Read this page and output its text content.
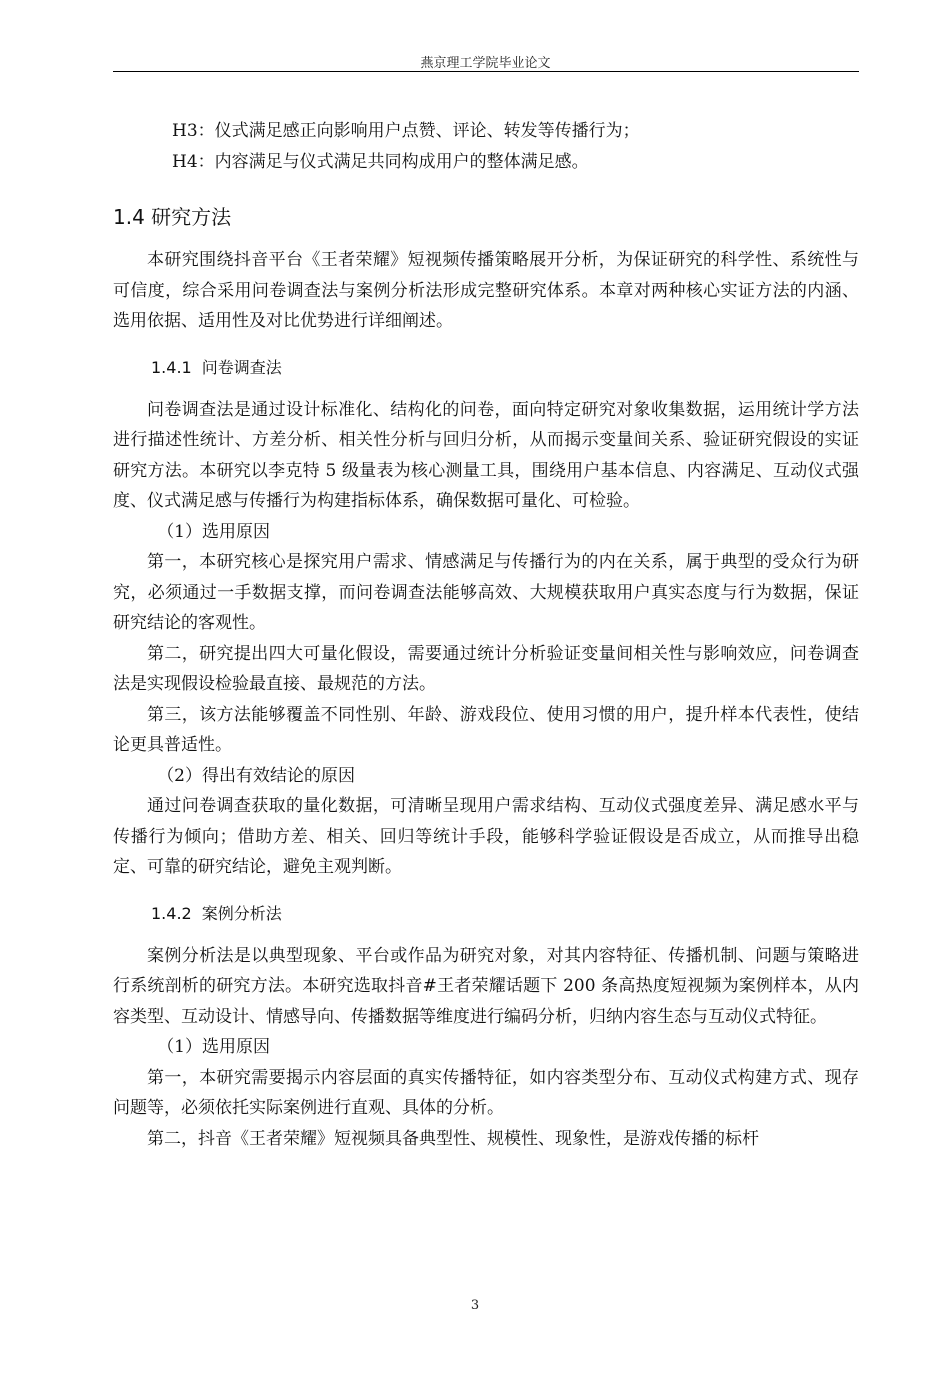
燕京理工学院毕业论文

H3：仪式满足感正向影响用户点赞、评论、转发等传播行为；

H4：内容满足与仪式满足共同构成用户的整体满足感。

1.4 研究方法

本研究围绕抖音平台《王者荣耀》短视频传播策略展开分析，为保证研究的科学性、系统性与可信度，综合采用问卷调查法与案例分析法形成完整研究体系。本章对两种核心实证方法的内涵、选用依据、适用性及对比优势进行详细阐述。

1.4.1 问卷调查法

问卷调查法是通过设计标准化、结构化的问卷，面向特定研究对象收集数据，运用统计学方法进行描述性统计、方差分析、相关性分析与回归分析，从而揭示变量间关系、验证研究假设的实证研究方法。本研究以李克特 5 级量表为核心测量工具，围绕用户基本信息、内容满足、互动仪式强度、仪式满足感与传播行为构建指标体系，确保数据可量化、可检验。

（1）选用原因

第一，本研究核心是探究用户需求、情感满足与传播行为的内在关系，属于典型的受众行为研究，必须通过一手数据支撑，而问卷调查法能够高效、大规模获取用户真实态度与行为数据，保证研究结论的客观性。

第二，研究提出四大可量化假设，需要通过统计分析验证变量间相关性与影响效应，问卷调查法是实现假设检验最直接、最规范的方法。

第三，该方法能够覆盖不同性别、年龄、游戏段位、使用习惯的用户，提升样本代表性，使结论更具普适性。

（2）得出有效结论的原因

通过问卷调查获取的量化数据，可清晰呈现用户需求结构、互动仪式强度差异、满足感水平与传播行为倾向；借助方差、相关、回归等统计手段，能够科学验证假设是否成立，从而推导出稳定、可靠的研究结论，避免主观判断。

1.4.2 案例分析法

案例分析法是以典型现象、平台或作品为研究对象，对其内容特征、传播机制、问题与策略进行系统剖析的研究方法。本研究选取抖音#王者荣耀话题下 200 条高热度短视频为案例样本，从内容类型、互动设计、情感导向、传播数据等维度进行编码分析，归纳内容生态与互动仪式特征。

（1）选用原因

第一，本研究需要揭示内容层面的真实传播特征，如内容类型分布、互动仪式构建方式、现存问题等，必须依托实际案例进行直观、具体的分析。

第二，抖音《王者荣耀》短视频具备典型性、规模性、现象性，是游戏传播的标杆

3
